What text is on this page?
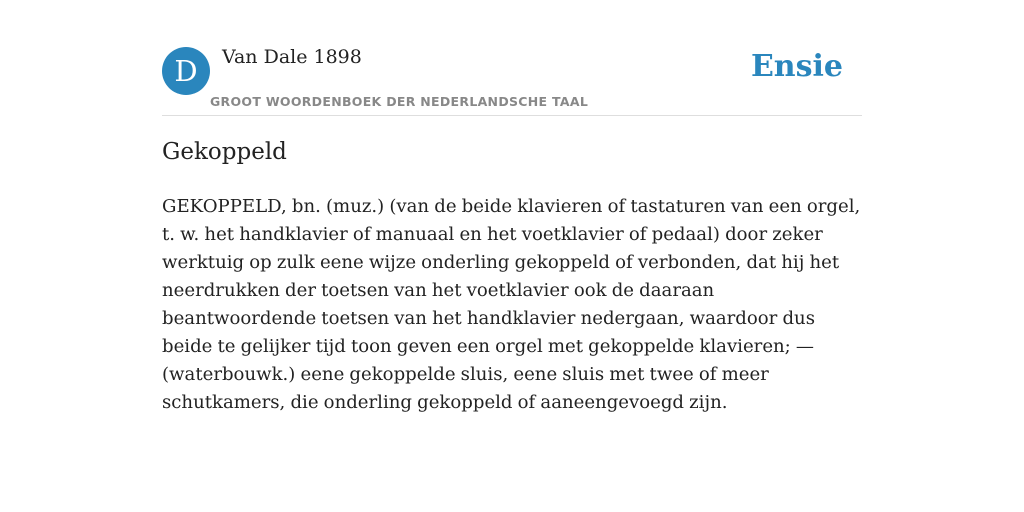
D	Van Dale 1898
GROOT WOORDENBOEK DER NEDERLANDSCHE TAAL
Ensie
Gekoppeld

GEKOPPELD, bn. (muz.) (van de beide klavieren of tastaturen van een orgel, t. w. het handklavier of manuaal en het voetklavier of pedaal) door zeker werktuig op zulk eene wijze onderling gekoppeld of verbonden, dat hij het neerdrukken der toetsen van het voetklavier ook de daaraan beantwoordende toetsen van het handklavier nedergaan, waardoor dus beide te gelijker tijd toon geven een orgel met gekoppelde klavieren; — (waterbouwk.) eene gekoppelde sluis, eene sluis met twee of meer schutkamers, die onderling gekoppeld of aaneengevoegd zijn.
